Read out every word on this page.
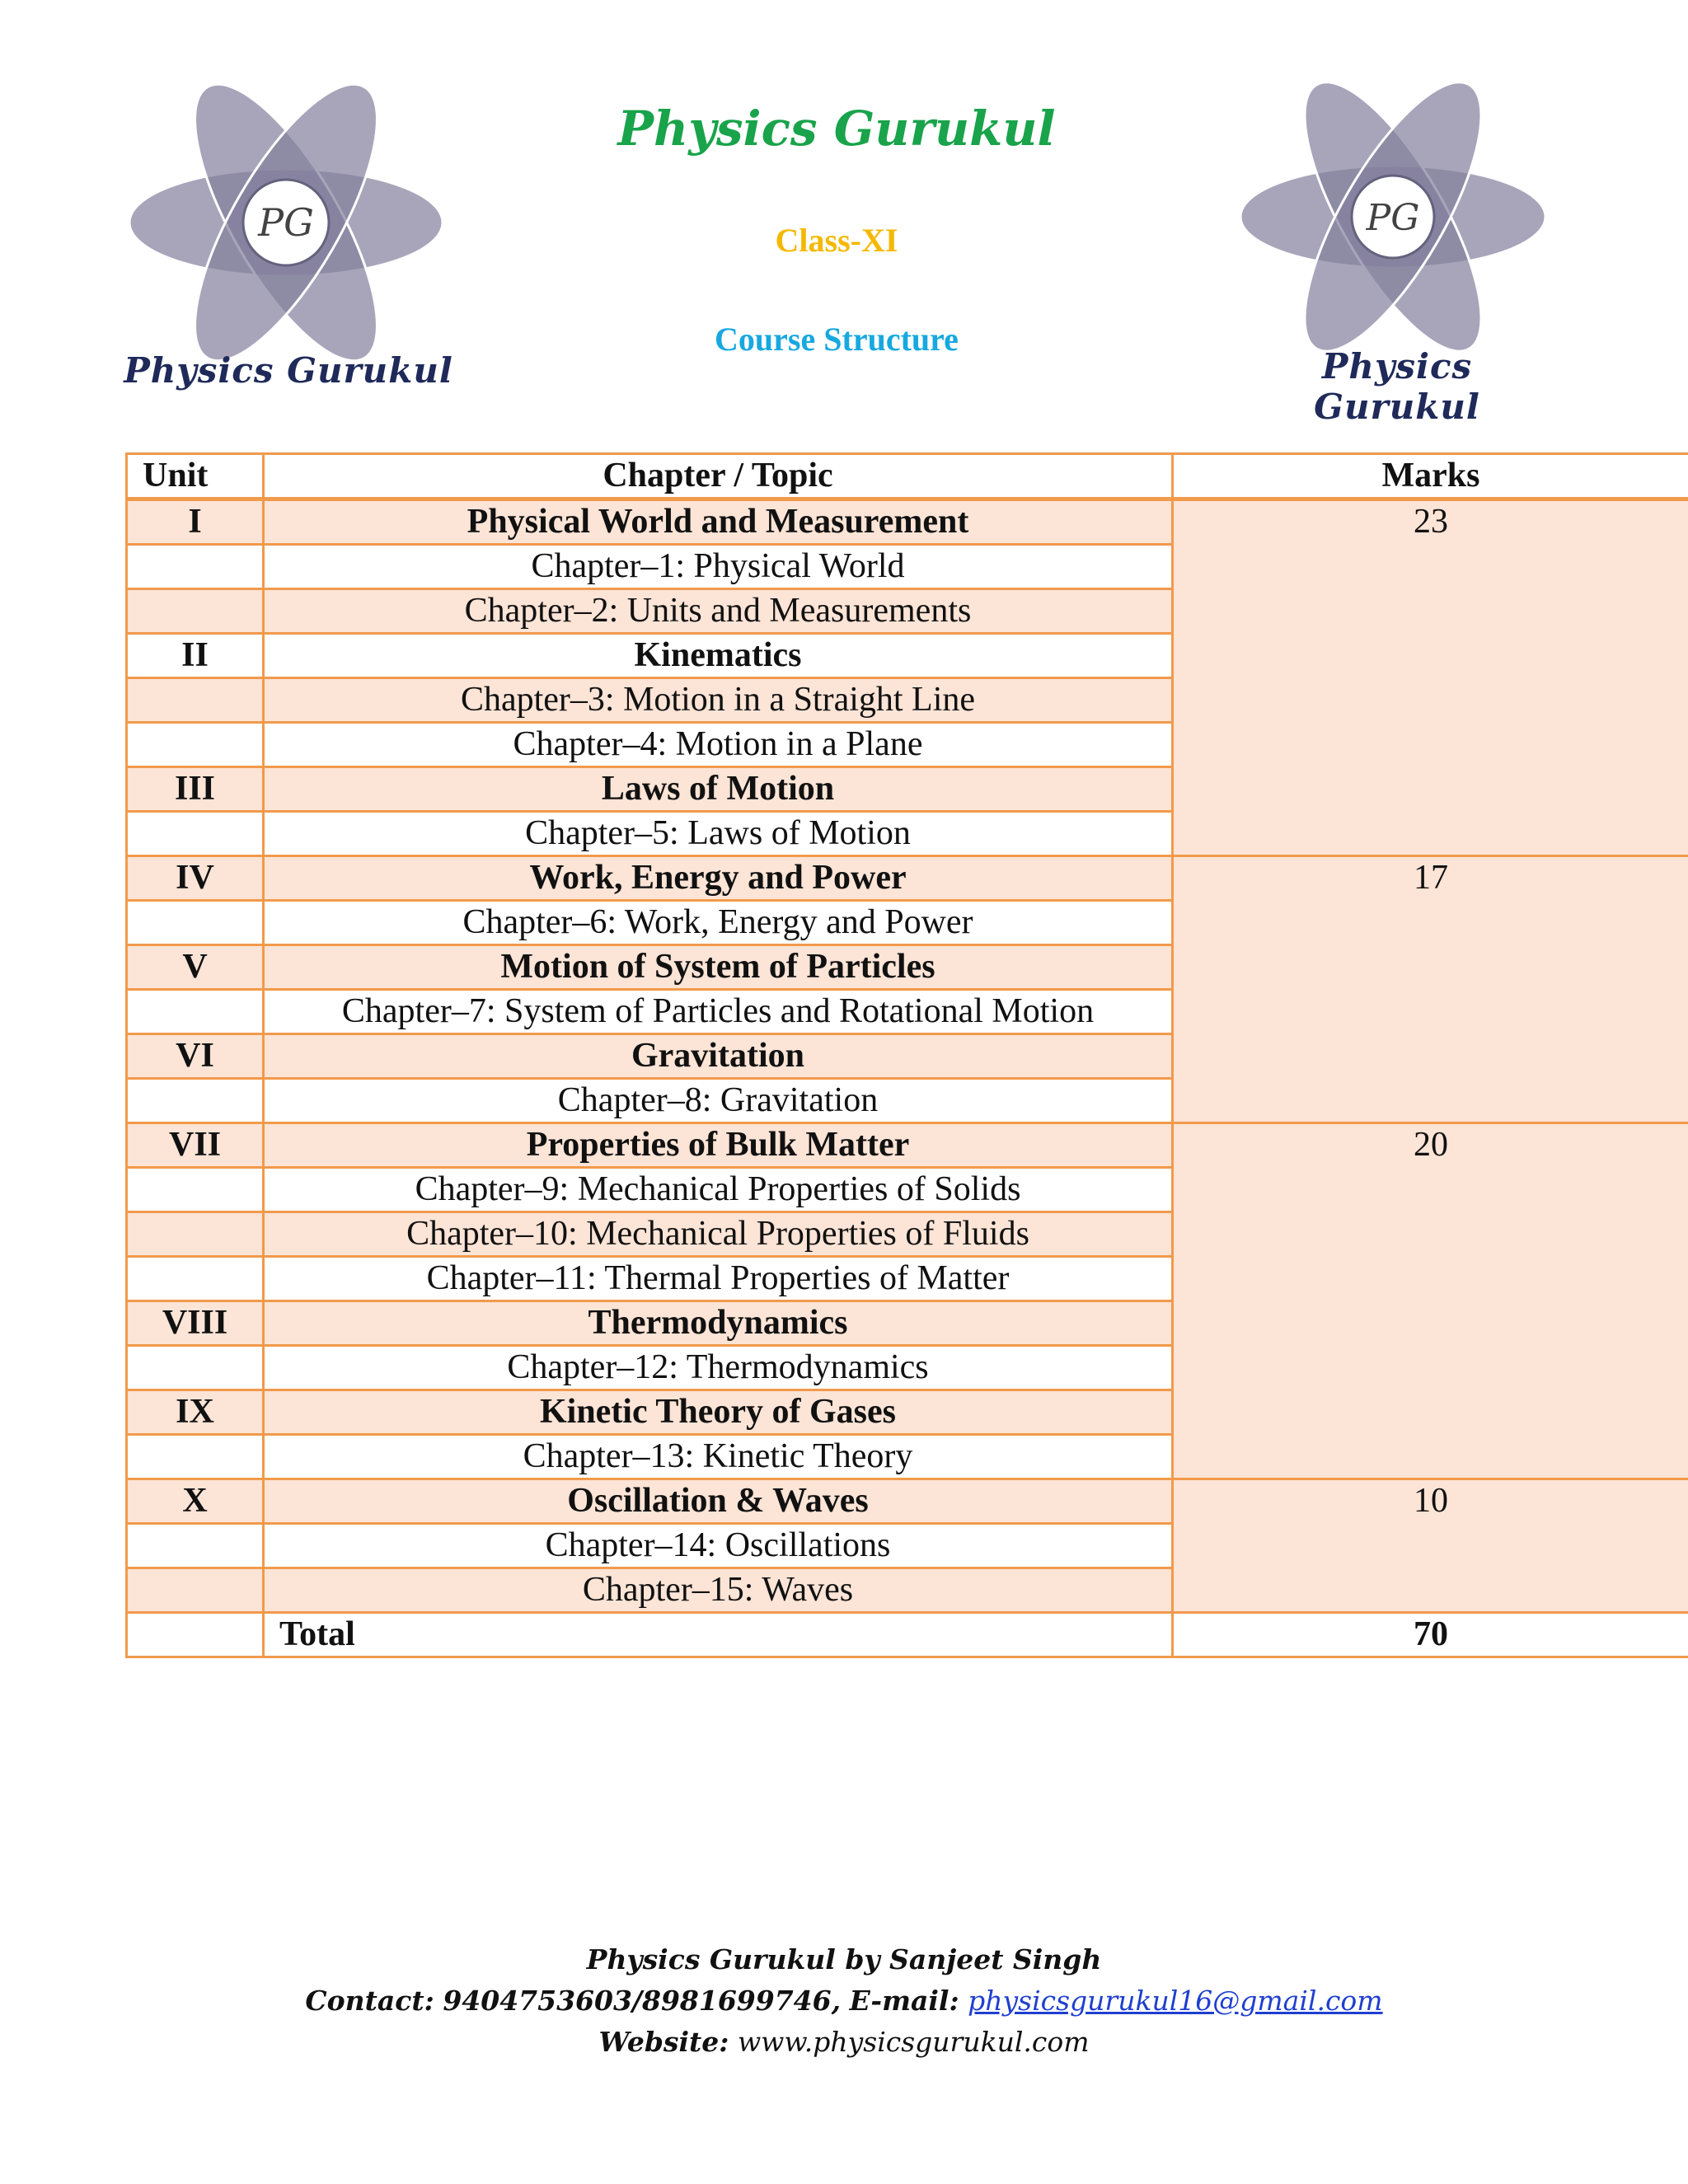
PG
Physics Gurukul
PG
Physics Gurukul
Physics Gurukul
Class-XI
Course Structure
Unit	Chapter / Topic	Marks
I	Physical World and Measurement	23
	Chapter–1: Physical World	
	Chapter–2: Units and Measurements	
II	Kinematics	
	Chapter–3: Motion in a Straight Line	
	Chapter–4: Motion in a Plane	
III	Laws of Motion	
	Chapter–5: Laws of Motion	
IV	Work, Energy and Power	17
	Chapter–6: Work, Energy and Power	
V	Motion of System of Particles	
	Chapter–7: System of Particles and Rotational Motion	
VI	Gravitation	
	Chapter–8: Gravitation	
VII	Properties of Bulk Matter	20
	Chapter–9: Mechanical Properties of Solids	
	Chapter–10: Mechanical Properties of Fluids	
	Chapter–11: Thermal Properties of Matter	
VIII	Thermodynamics	
	Chapter–12: Thermodynamics	
IX	Kinetic Theory of Gases	
	Chapter–13: Kinetic Theory	
X	Oscillation & Waves	10
	Chapter–14: Oscillations	
	Chapter–15: Waves	
	Total	70
Physics Gurukul by Sanjeet Singh
Contact: 9404753603/8981699746, E-mail: physicsgurukul16@gmail.com
Website: www.physicsgurukul.com
